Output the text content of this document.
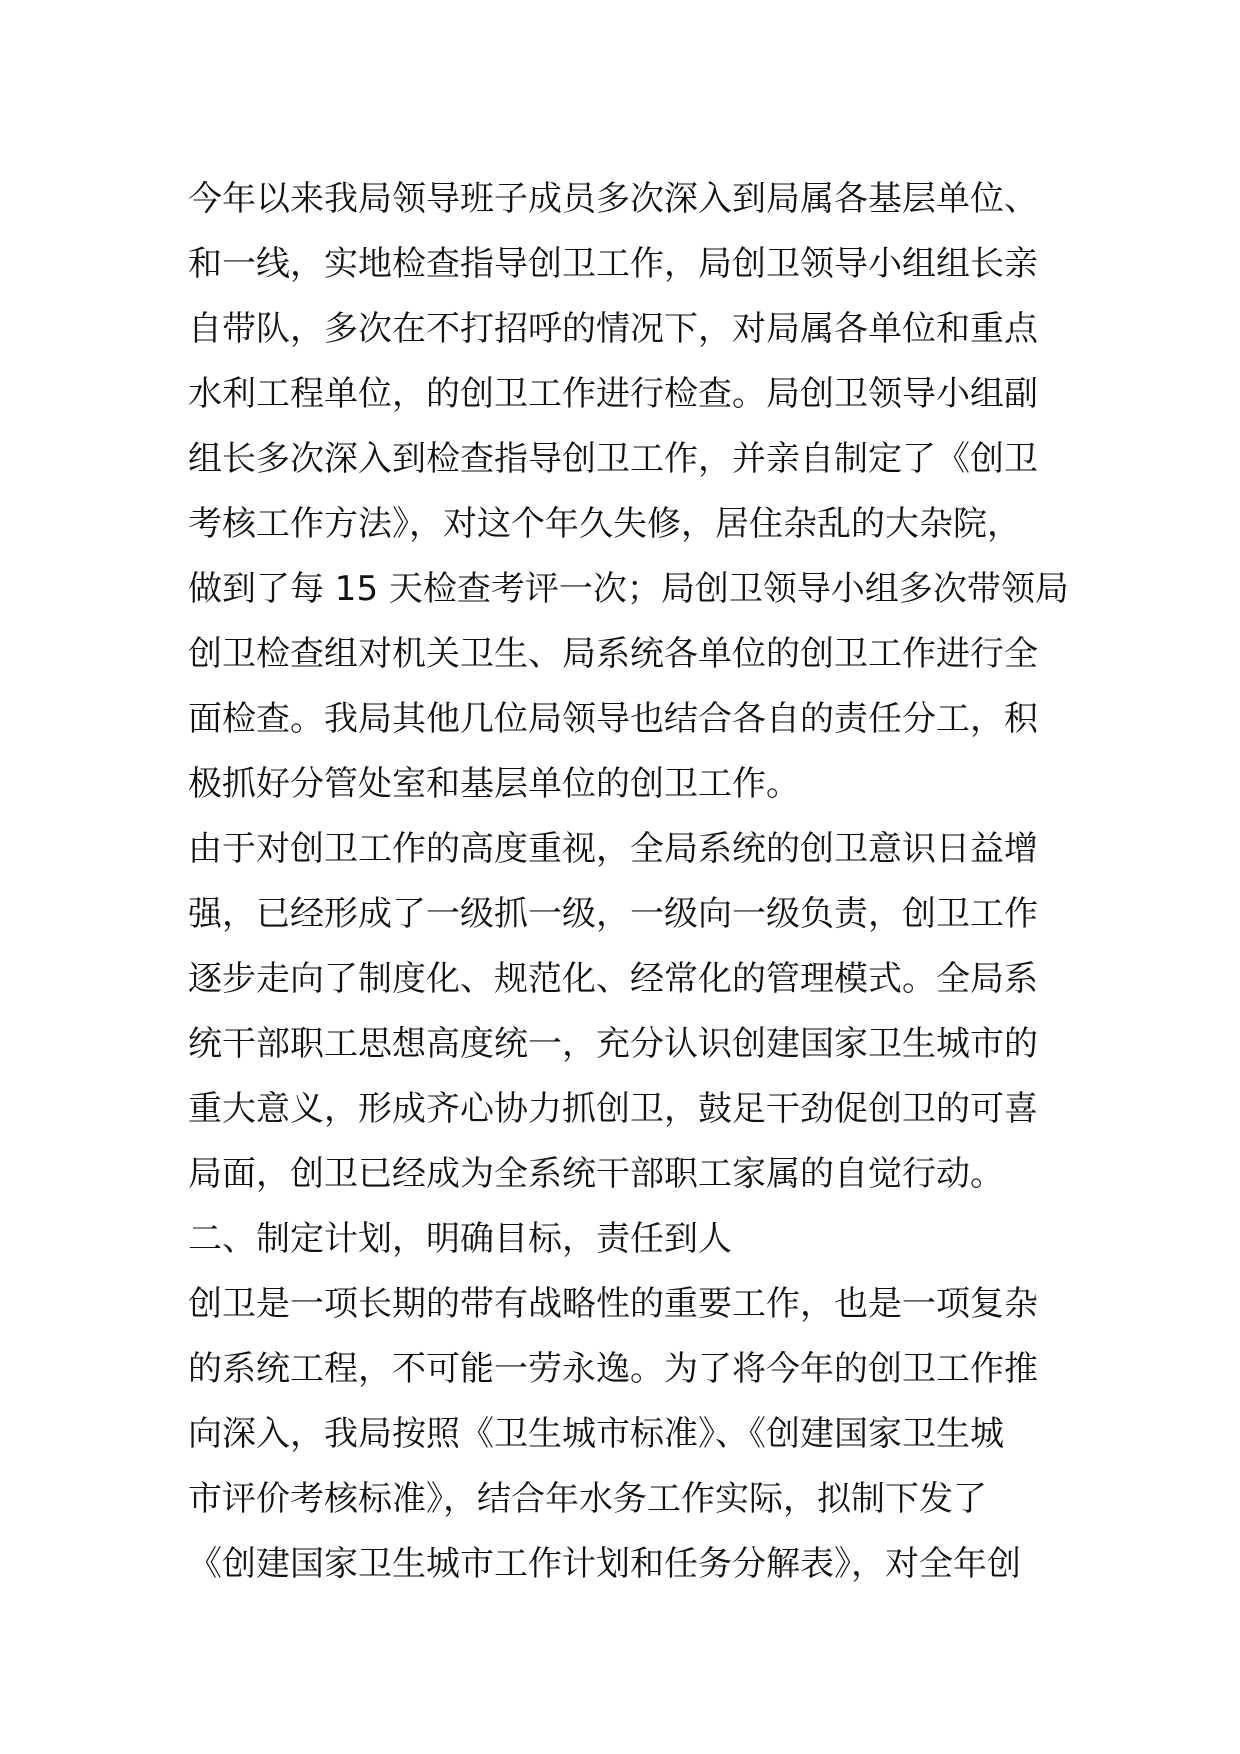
今年以来我局领导班子成员多次深入到局属各基层单位、
和一线，实地检查指导创卫工作，局创卫领导小组组长亲
自带队，多次在不打招呼的情况下，对局属各单位和重点
水利工程单位，的创卫工作进行检查。局创卫领导小组副
组长多次深入到检查指导创卫工作，并亲自制定了《创卫
考核工作方法》，对这个年久失修，居住杂乱的大杂院，
做到了每 15 天检查考评一次；局创卫领导小组多次带领局
创卫检查组对机关卫生、局系统各单位的创卫工作进行全
面检查。我局其他几位局领导也结合各自的责任分工，积
极抓好分管处室和基层单位的创卫工作。
由于对创卫工作的高度重视，全局系统的创卫意识日益增
强，已经形成了一级抓一级，一级向一级负责，创卫工作
逐步走向了制度化、规范化、经常化的管理模式。全局系
统干部职工思想高度统一，充分认识创建国家卫生城市的
重大意义，形成齐心协力抓创卫，鼓足干劲促创卫的可喜
局面，创卫已经成为全系统干部职工家属的自觉行动。
二、制定计划，明确目标，责任到人
创卫是一项长期的带有战略性的重要工作，也是一项复杂
的系统工程，不可能一劳永逸。为了将今年的创卫工作推
向深入，我局按照《卫生城市标准》、《创建国家卫生城
市评价考核标准》，结合年水务工作实际，拟制下发了
《创建国家卫生城市工作计划和任务分解表》，对全年创
